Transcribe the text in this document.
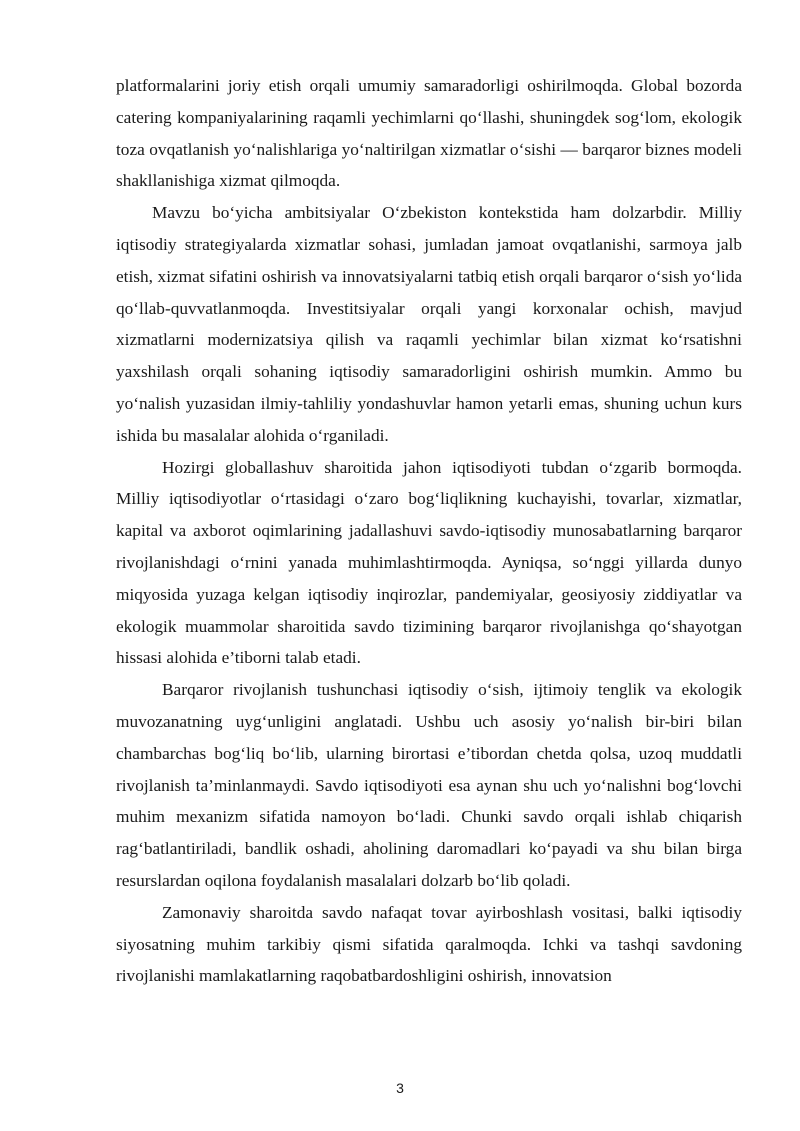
platformalarini joriy etish orqali umumiy samaradorligi oshirilmoqda. Global bozorda catering kompaniyalarining raqamli yechimlarni qo‘llashi, shuningdek sog‘lom, ekologik toza ovqatlanish yo‘nalishlariga yo‘naltirilgan xizmatlar o‘sishi — barqaror biznes modeli shakllanishiga xizmat qilmoqda.

Mavzu bo‘yicha ambitsiyalar O‘zbekiston kontekstida ham dolzarbdir. Milliy iqtisodiy strategiyalarda xizmatlar sohasi, jumladan jamoat ovqatlanishi, sarmoya jalb etish, xizmat sifatini oshirish va innovatsiyalarni tatbiq etish orqali barqaror o‘sish yo‘lida qo‘llab-quvvatlanmoqda. Investitsiyalar orqali yangi korxonalar ochish, mavjud xizmatlarni modernizatsiya qilish va raqamli yechimlar bilan xizmat ko‘rsatishni yaxshilash orqali sohaning iqtisodiy samaradorligini oshirish mumkin. Ammo bu yo‘nalish yuzasidan ilmiy-tahliliy yondashuvlar hamon yetarli emas, shuning uchun kurs ishida bu masalalar alohida o‘rganiladi.

Hozirgi globallashuv sharoitida jahon iqtisodiyoti tubdan o‘zgarib bormoqda. Milliy iqtisodiyotlar o‘rtasidagi o‘zaro bog‘liqlikning kuchayishi, tovarlar, xizmatlar, kapital va axborot oqimlarining jadallashuvi savdo-iqtisodiy munosabatlarning barqaror rivojlanishdagi o‘rnini yanada muhimlashtirmoqda. Ayniqsa, so‘nggi yillarda dunyo miqyosida yuzaga kelgan iqtisodiy inqirozlar, pandemiyalar, geosiyosiy ziddiyatlar va ekologik muammolar sharoitida savdo tizimining barqaror rivojlanishga qo‘shayotgan hissasi alohida e’tiborni talab etadi.

Barqaror rivojlanish tushunchasi iqtisodiy o‘sish, ijtimoiy tenglik va ekologik muvozanatning uyg‘unligini anglatadi. Ushbu uch asosiy yo‘nalish bir-biri bilan chambarchas bog‘liq bo‘lib, ularning birortasi e’tibordan chetda qolsa, uzoq muddatli rivojlanish ta’minlanmaydi. Savdo iqtisodiyoti esa aynan shu uch yo‘nalishni bog‘lovchi muhim mexanizm sifatida namoyon bo‘ladi. Chunki savdo orqali ishlab chiqarish rag‘batlantiriladi, bandlik oshadi, aholining daromadlari ko‘payadi va shu bilan birga resurslardan oqilona foydalanish masalalari dolzarb bo‘lib qoladi.

Zamonaviy sharoitda savdo nafaqat tovar ayirboshlash vositasi, balki iqtisodiy siyosatning muhim tarkibiy qismi sifatida qaralmoqda. Ichki va tashqi savdoning rivojlanishi mamlakatlarning raqobatbardoshligini oshirish, innovatsion

3
